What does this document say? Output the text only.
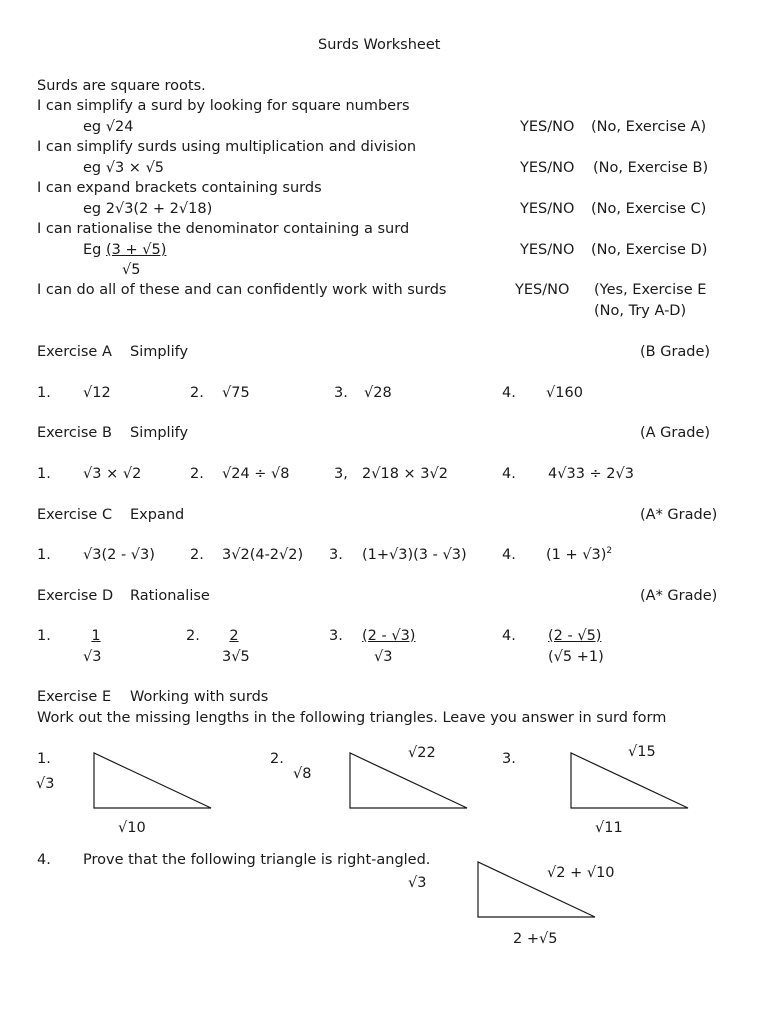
Surds Worksheet
Surds are square roots.
I can simplify a surd by looking for square numbers
eg √24	YES/NO (No, Exercise A)
I can simplify surds using multiplication and division
eg √3 × √5	YES/NO (No, Exercise B)
I can expand brackets containing surds
eg 2√3(2 + 2√18)	YES/NO (No, Exercise C)
I can rationalise the denominator containing a surd
Eg (3 + √5)
√5
YES/NO (No, Exercise D)
I can do all of these and can confidently work with surds	YES/NO (Yes, Exercise E
(No, Try A-D)
Exercise A Simplify	(B Grade)
1. √12	2. √75	3. √28	4. √160
Exercise B Simplify	(A Grade)
1. √3 × √2	2. √24 ÷ √8	3, 2√18 × 3√2	4. 4√33 ÷ 2√3
Exercise C Expand	(A* Grade)
1. √3(2 - √3) 2. 3√2(4-2√2) 3. (1+√3)(3 - √3) 4. $(1 + √3)^2$
Exercise D Rationalise	(A* Grade)
1.	1
√3
2.	2
3√5
3. (2 - √3)
√3
4. (2 - √5)
(√5 +1)
Exercise E Working with surds
Work out the missing lengths in the following triangles. Leave you answer in surd form
1.
√3
√10
2.
√8
√22	3.	√15
√11
4. Prove that the following triangle is right-angled.
√3
√2 + √10
2 +√5
